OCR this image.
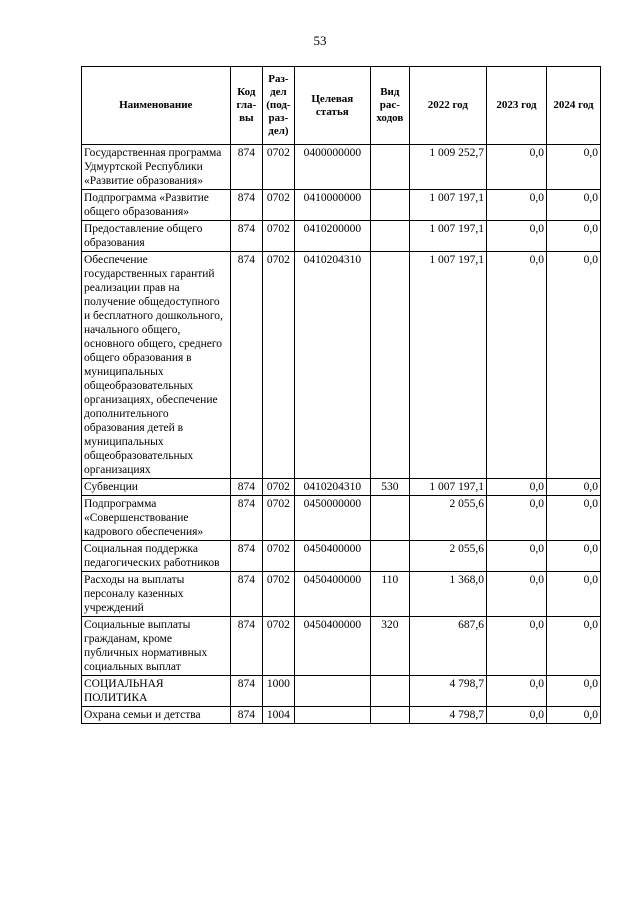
53
Наименование	Код гла-вы	Раз-дел (под-раз-дел)	Целевая статья	Вид рас-ходов	2022 год	2023 год	2024 год
Государственная программа Удмуртской Республики «Развитие образования»	874	0702	0400000000		1 009 252,7	0,0	0,0
Подпрограмма «Развитие общего образования»	874	0702	0410000000		1 007 197,1	0,0	0,0
Предоставление общего образования	874	0702	0410200000		1 007 197,1	0,0	0,0
Обеспечение государственных гарантий реализации прав на получение общедоступного и бесплатного дошкольного, начального общего, основного общего, среднего общего образования в муниципальных общеобразовательных организациях, обеспечение дополнительного образования детей в муниципальных общеобразовательных организациях	874	0702	0410204310		1 007 197,1	0,0	0,0
Субвенции	874	0702	0410204310	530	1 007 197,1	0,0	0,0
Подпрограмма «Совершенствование кадрового обеспечения»	874	0702	0450000000		2 055,6	0,0	0,0
Социальная поддержка педагогических работников	874	0702	0450400000		2 055,6	0,0	0,0
Расходы на выплаты персоналу казенных учреждений	874	0702	0450400000	110	1 368,0	0,0	0,0
Социальные выплаты гражданам, кроме публичных нормативных социальных выплат	874	0702	0450400000	320	687,6	0,0	0,0
СОЦИАЛЬНАЯ ПОЛИТИКА	874	1000			4 798,7	0,0	0,0
Охрана семьи и детства	874	1004			4 798,7	0,0	0,0
